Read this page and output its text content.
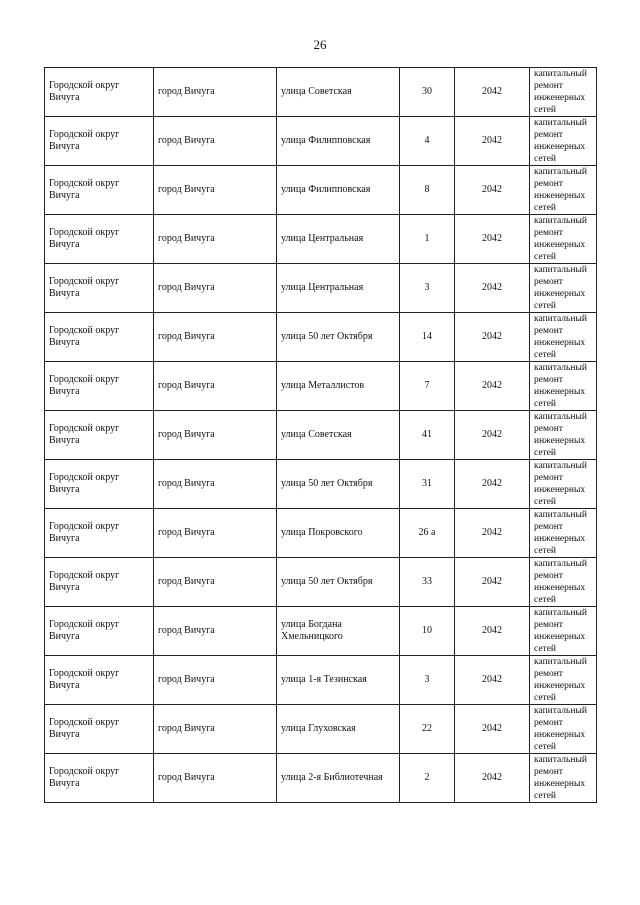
26
Городской округ Вичуга	город Вичуга	улица Советская	30	2042	капитальный ремонт инженерных сетей

Городской округ Вичуга	город Вичуга	улица Филипповская	4	2042	капитальный ремонт инженерных сетей

Городской округ Вичуга	город Вичуга	улица Филипповская	8	2042	капитальный ремонт инженерных сетей

Городской округ Вичуга	город Вичуга	улица Центральная	1	2042	капитальный ремонт инженерных сетей

Городской округ Вичуга	город Вичуга	улица Центральная	3	2042	капитальный ремонт инженерных сетей

Городской округ Вичуга	город Вичуга	улица 50 лет Октября	14	2042	капитальный ремонт инженерных сетей

Городской округ Вичуга	город Вичуга	улица Металлистов	7	2042	капитальный ремонт инженерных сетей

Городской округ Вичуга	город Вичуга	улица Советская	41	2042	капитальный ремонт инженерных сетей

Городской округ Вичуга	город Вичуга	улица 50 лет Октября	31	2042	капитальный ремонт инженерных сетей

Городской округ Вичуга	город Вичуга	улица Покровского	26 а	2042	капитальный ремонт инженерных сетей

Городской округ Вичуга	город Вичуга	улица 50 лет Октября	33	2042	капитальный ремонт инженерных сетей

Городской округ Вичуга	город Вичуга	улица Богдана Хмельницкого	10	2042	капитальный ремонт инженерных сетей

Городской округ Вичуга	город Вичуга	улица 1-я Тезинская	3	2042	капитальный ремонт инженерных сетей

Городской округ Вичуга	город Вичуга	улица Глуховская	22	2042	капитальный ремонт инженерных сетей

Городской округ Вичуга	город Вичуга	улица 2-я Библиотечная	2	2042	капитальный ремонт инженерных сетей
